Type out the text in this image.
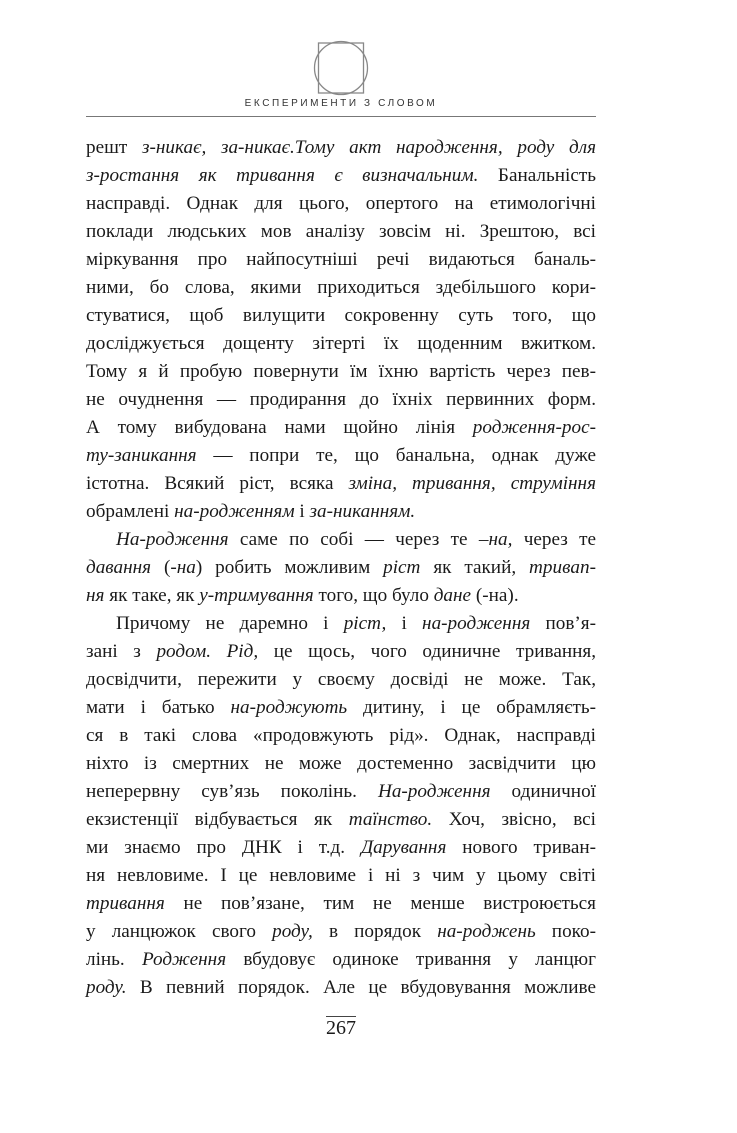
ЕКСПЕРИМЕНТИ З СЛОВОМ
решт з-никає, за-никає.Тому акт народження, роду для
з-ростання як тривання є визначальним. Банальність
насправді. Однак для цього, опертого на етимологічні
поклади людських мов аналізу зовсім ні. Зрештою, всі
міркування про найпосутніші речі видаються баналь-
ними, бо слова, якими приходиться здебільшого кори-
стуватися, щоб вилущити сокровенну суть того, що
досліджується дощенту зітерті їх щоденним вжитком.
Тому я й пробую повернути їм їхню вартість через пев-
не очуднення — продирання до їхніх первинних форм.
А тому вибудована нами щойно лінія родження-рос-
ту-заникання — попри те, що банальна, однак дуже
істотна. Всякий ріст, всяка зміна, тривання, струміння
обрамлені на-родженням і за-никанням.
На-родження саме по собі — через те –на, через те
давання (-на) робить можливим ріст як такий, тривan-
ня як таке, як у-тримування того, що було дане (-на).
Причому не даремно і ріст, і на-родження пов’я-
зані з родом. Рід, це щось, чого одиничне тривання,
досвідчити, пережити у своєму досвіді не може. Так,
мати і батько на-роджують дитину, і це обрамляєть-
ся в такі слова «продовжують рід». Однак, насправді
ніхто із смертних не може достеменно засвідчити цю
неперервну сув’язь поколінь. На-родження одиничної
екзистенції відбувається як таїнство. Хоч, звісно, всі
ми знаємо про ДНК і т.д. Дарування нового триван-
ня невловиме. І це невловиме і ні з чим у цьому світі
тривання не пов’язане, тим не менше вистроюється
у ланцюжок свого роду, в порядок на-роджень поко-
лінь. Родження вбудовує одиноке тривання у ланцюг
роду. В певний порядок. Але це вбудовування можливе
267
